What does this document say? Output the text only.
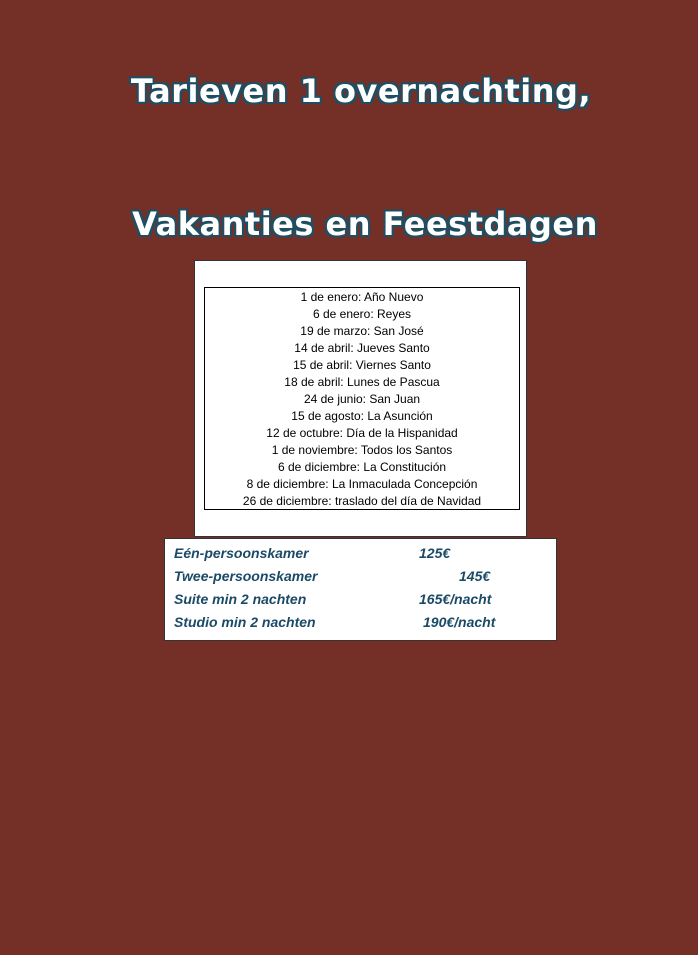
Tarieven 1 overnachting,
Vakanties en Feestdagen
1 de enero: Año Nuevo
6 de enero: Reyes
19 de marzo: San José
14 de abril: Jueves Santo
15 de abril: Viernes Santo
18 de abril: Lunes de Pascua
24 de junio: San Juan
15 de agosto: La Asunción
12 de octubre: Día de la Hispanidad
1 de noviembre: Todos los Santos
6 de diciembre: La Constitución
8 de diciembre: La Inmaculada Concepción
26 de diciembre: traslado del día de Navidad
Eén-persoonskamer	125€
Twee-persoonskamer	145€
Suite min 2 nachten	165€/nacht
Studio min 2 nachten	190€/nacht
